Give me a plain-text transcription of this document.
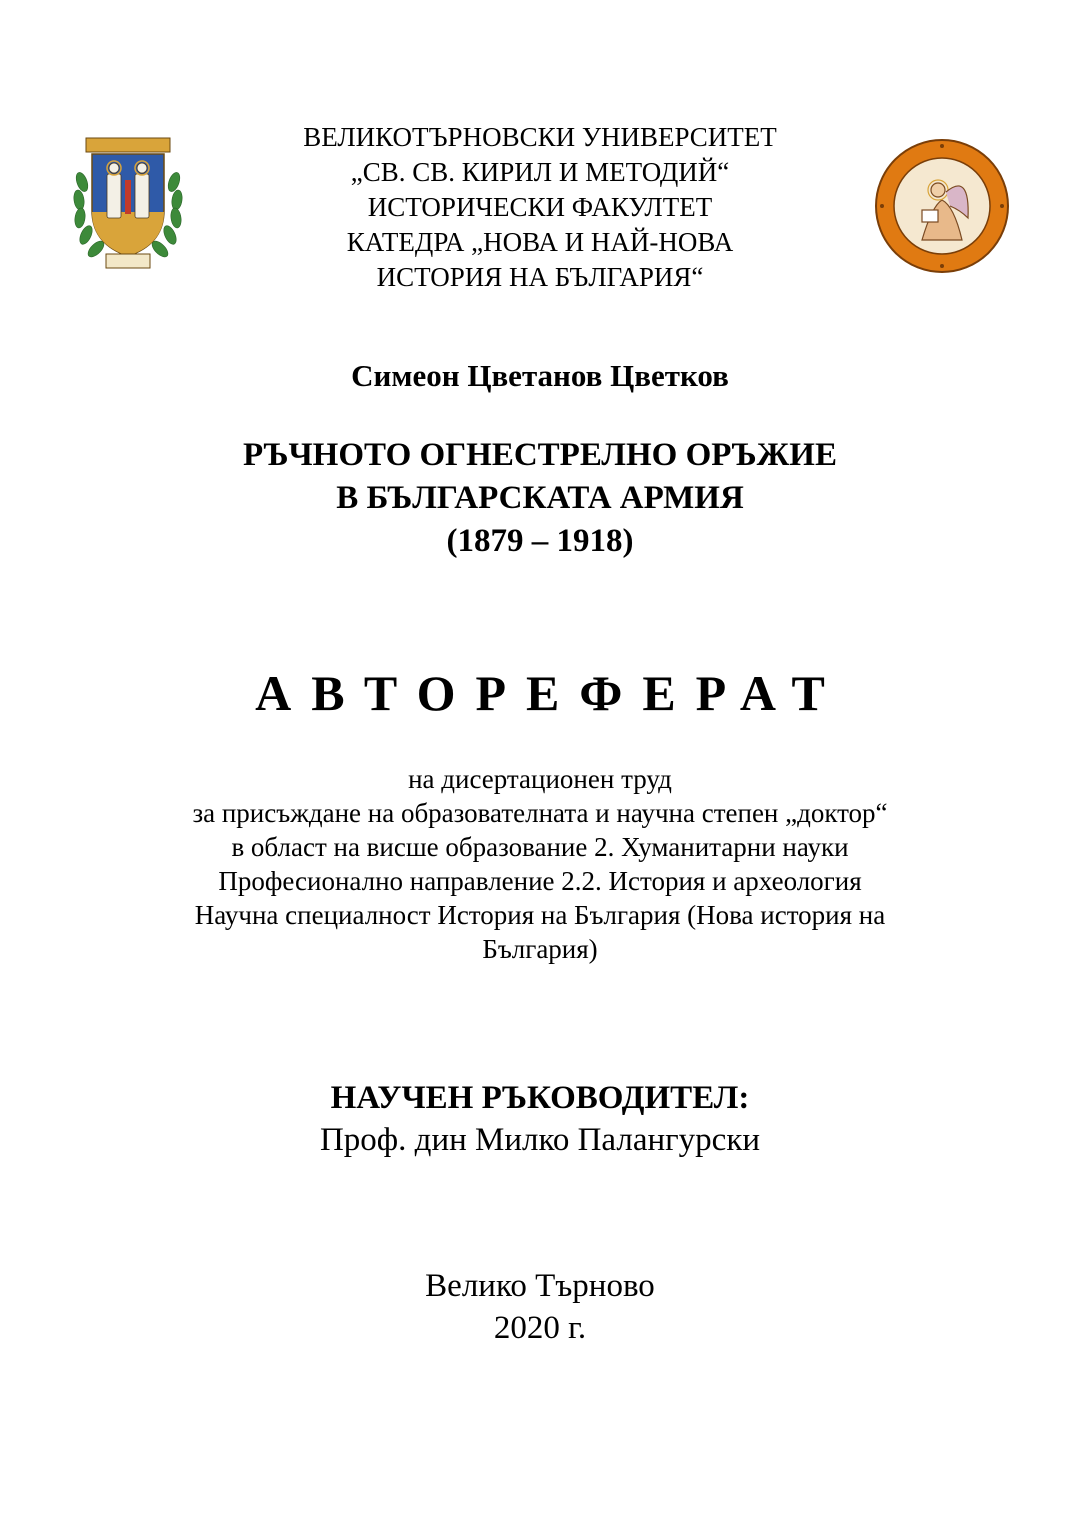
ВЕЛИКОТЪРНОВСКИ УНИВЕРСИТЕТ
„СВ. СВ. КИРИЛ И МЕТОДИЙ“
ИСТОРИЧЕСКИ ФАКУЛТЕТ
КАТЕДРА „НОВА И НАЙ-НОВА
ИСТОРИЯ НА БЪЛГАРИЯ“
Симеон Цветанов Цветков
РЪЧНОТО ОГНЕСТРЕЛНО ОРЪЖИЕ
В БЪЛГАРСКАТА АРМИЯ
(1879 – 1918)
АВТОРЕФЕРАТ
на дисертационен труд
за присъждане на образователната и научна степен „доктор“
в област на висше образование 2. Хуманитарни науки
Професионално направление 2.2. История и археология
Научна специалност История на България (Нова история на
България)
НАУЧЕН РЪКОВОДИТЕЛ:
Проф. дин Милко Палангурски
Велико Търново
2020 г.
